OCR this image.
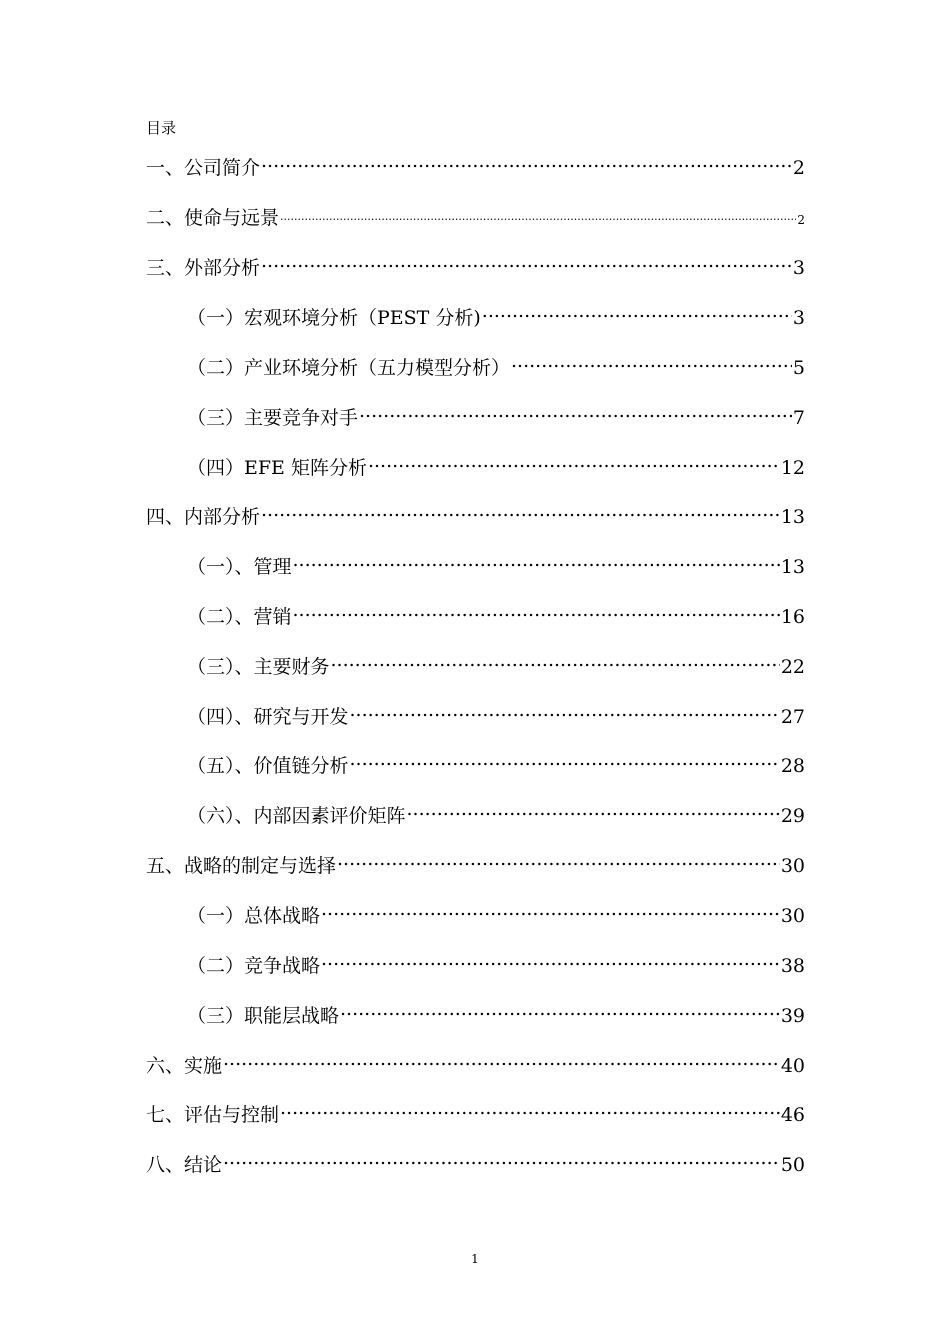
目录
一、公司简介 .....	2
二、使命与远景 .....	2
三、外部分析 .....	3
（一）宏观环境分析（PEST 分析) .....	3
（二）产业环境分析（五力模型分析） .....	5
（三）主要竞争对手 .....	7
（四）EFE 矩阵分析 .....	12
四、内部分析 .....	13
（一）、管理 .....	13
（二）、营销 .....	16
（三）、主要财务 .....	22
（四）、研究与开发 .....	27
（五）、价值链分析 .....	28
（六）、内部因素评价矩阵 .....	29
五、战略的制定与选择 .....	30
（一）总体战略 .....	30
（二）竞争战略 .....	38
（三）职能层战略 .....	39
六、实施 .....	40
七、评估与控制 .....	46
八、结论 .....	50
1
